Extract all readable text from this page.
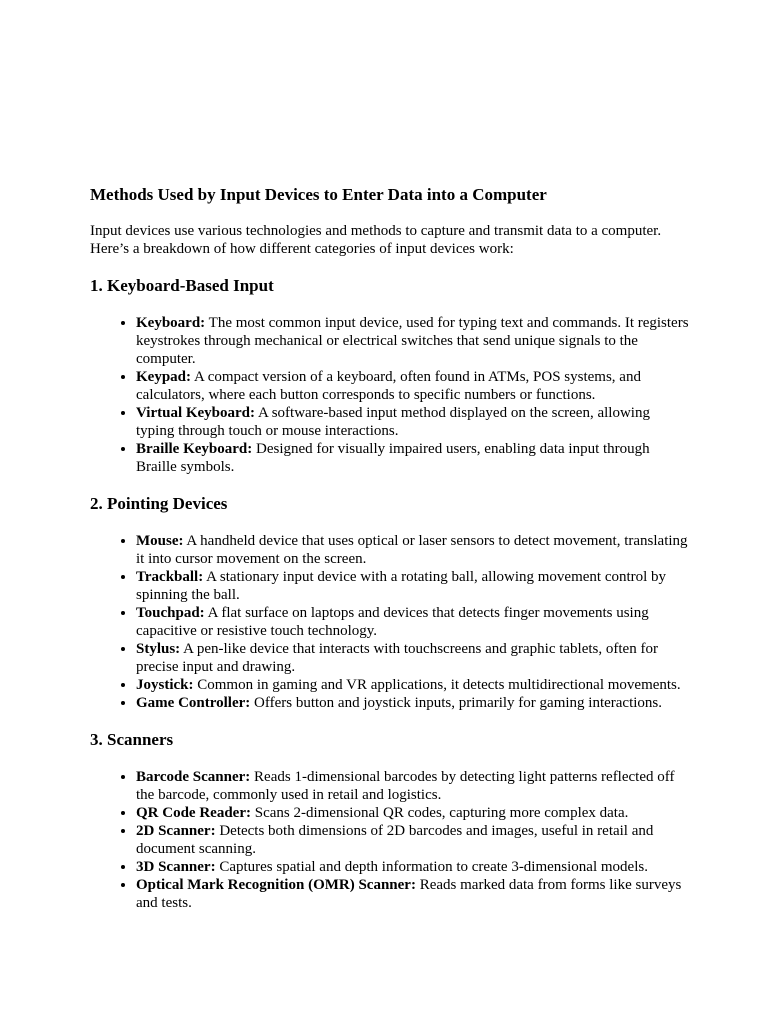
Methods Used by Input Devices to Enter Data into a Computer

Input devices use various technologies and methods to capture and transmit data to a computer. Here’s a breakdown of how different categories of input devices work:

1. Keyboard-Based Input
• Keyboard: The most common input device, used for typing text and commands. It registers keystrokes through mechanical or electrical switches that send unique signals to the computer.
• Keypad: A compact version of a keyboard, often found in ATMs, POS systems, and calculators, where each button corresponds to specific numbers or functions.
• Virtual Keyboard: A software-based input method displayed on the screen, allowing typing through touch or mouse interactions.
• Braille Keyboard: Designed for visually impaired users, enabling data input through Braille symbols.
2. Pointing Devices
• Mouse: A handheld device that uses optical or laser sensors to detect movement, translating it into cursor movement on the screen.
• Trackball: A stationary input device with a rotating ball, allowing movement control by spinning the ball.
• Touchpad: A flat surface on laptops and devices that detects finger movements using capacitive or resistive touch technology.
• Stylus: A pen-like device that interacts with touchscreens and graphic tablets, often for precise input and drawing.
• Joystick: Common in gaming and VR applications, it detects multidirectional movements.
• Game Controller: Offers button and joystick inputs, primarily for gaming interactions.
3. Scanners
• Barcode Scanner: Reads 1-dimensional barcodes by detecting light patterns reflected off the barcode, commonly used in retail and logistics.
• QR Code Reader: Scans 2-dimensional QR codes, capturing more complex data.
• 2D Scanner: Detects both dimensions of 2D barcodes and images, useful in retail and document scanning.
• 3D Scanner: Captures spatial and depth information to create 3-dimensional models.
• Optical Mark Recognition (OMR) Scanner: Reads marked data from forms like surveys and tests.
